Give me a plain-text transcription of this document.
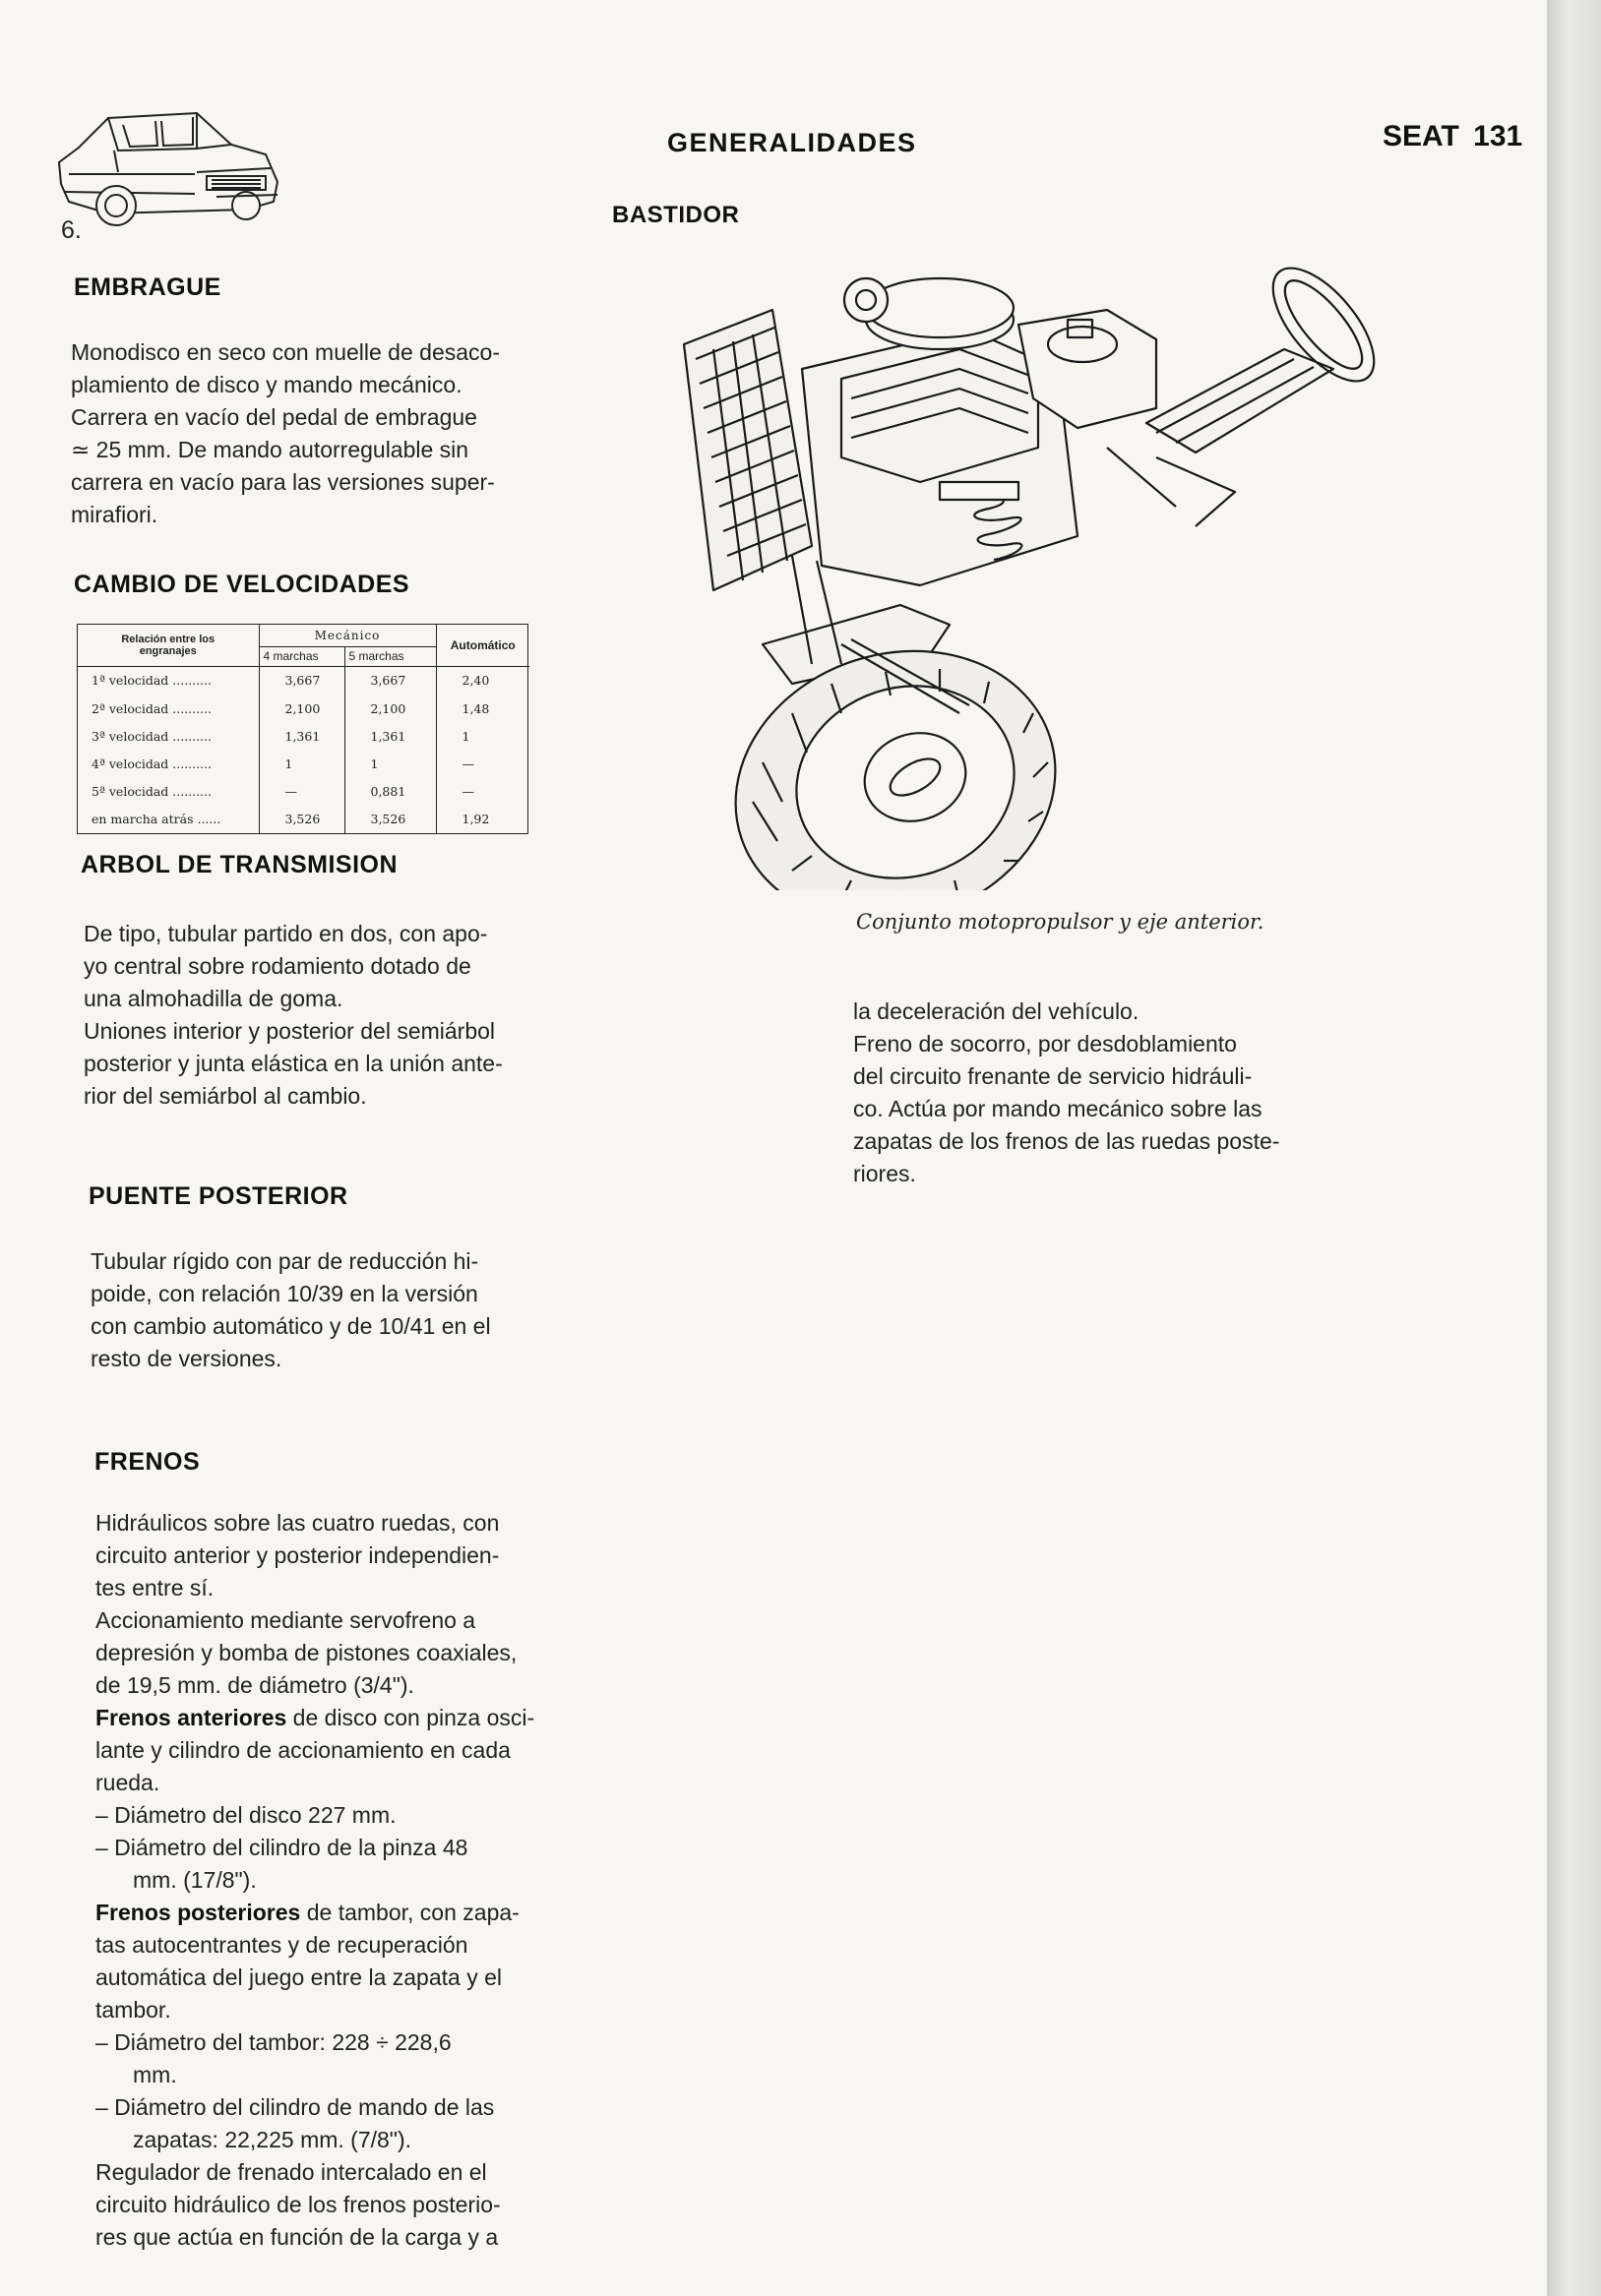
6.
GENERALIDADES	SEAT 131
BASTIDOR
EMBRAGUE

Monodisco en seco con muelle de desaco-

plamiento de disco y mando mecánico.

Carrera en vacío del pedal de embrague

≃ 25 mm. De mando autorregulable sin

carrera en vacío para las versiones super-

mirafiori.

CAMBIO DE VELOCIDADES
Relación entre los engranajes	Mecánico		Automático
	4 marchas	5 marchas	
1ª velocidad ..........	3,667	3,667	2,40
2ª velocidad ..........	2,100	2,100	1,48
3ª velocidad ..........	1,361	1,361	1
4ª velocidad ..........	1	1	—
5ª velocidad ..........	—	0,881	—
en marcha atrás ......	3,526	3,526	1,92
ARBOL DE TRANSMISION

De tipo, tubular partido en dos, con apo-

yo central sobre rodamiento dotado de

una almohadilla de goma.

Uniones interior y posterior del semiárbol

posterior y junta elástica en la unión ante-

rior del semiárbol al cambio.

PUENTE POSTERIOR

Tubular rígido con par de reducción hi-

poide, con relación 10/39 en la versión

con cambio automático y de 10/41 en el

resto de versiones.

FRENOS

Hidráulicos sobre las cuatro ruedas, con

circuito anterior y posterior independien-

tes entre sí.

Accionamiento mediante servofreno a

depresión y bomba de pistones coaxiales,

de 19,5 mm. de diámetro (3/4").

Frenos anteriores de disco con pinza osci-

lante y cilindro de accionamiento en cada

rueda.

– Diámetro del disco 227 mm.

– Diámetro del cilindro de la pinza 48

mm. (17/8").

Frenos posteriores de tambor, con zapa-

tas autocentrantes y de recuperación

automática del juego entre la zapata y el

tambor.

– Diámetro del tambor: 228 ÷ 228,6

mm.

– Diámetro del cilindro de mando de las

zapatas: 22,225 mm. (7/8").

Regulador de frenado intercalado en el

circuito hidráulico de los frenos posterio-

res que actúa en función de la carga y a

Conjunto motopropulsor y eje anterior.

la deceleración del vehículo.

Freno de socorro, por desdoblamiento

del circuito frenante de servicio hidráuli-

co. Actúa por mando mecánico sobre las

zapatas de los frenos de las ruedas poste-

riores.
